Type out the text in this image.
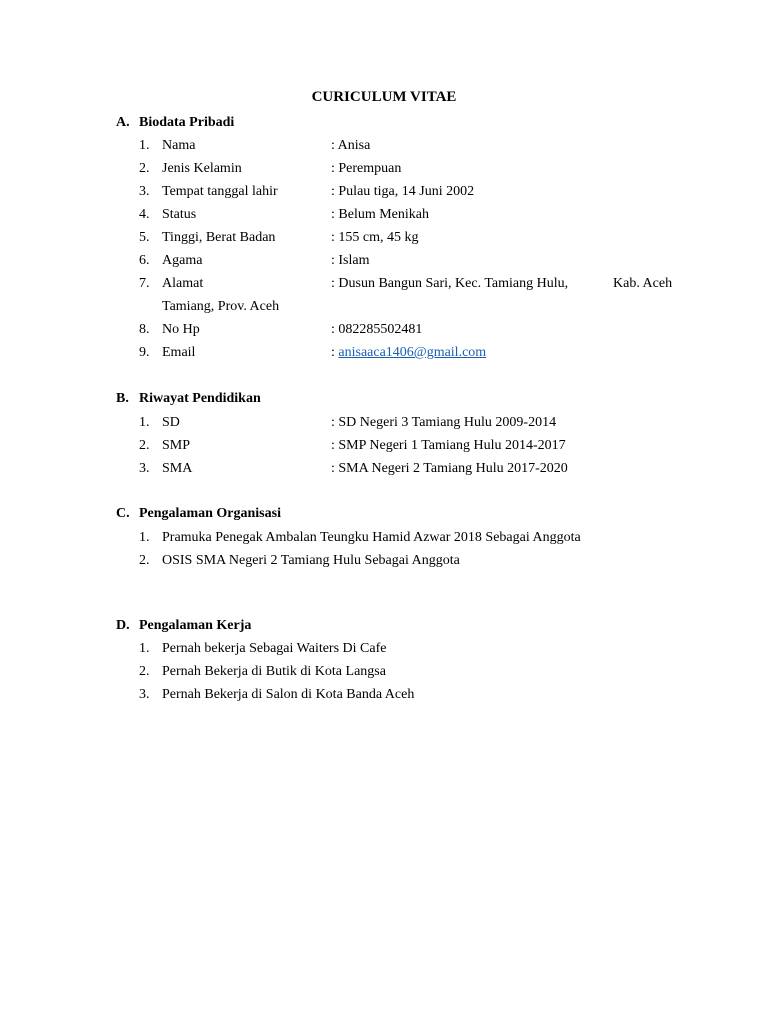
CURICULUM VITAE
A. Biodata Pribadi
1. Nama	: Anisa
2. Jenis Kelamin	: Perempuan
3. Tempat tanggal lahir	: Pulau tiga, 14 Juni 2002
4. Status	: Belum Menikah
5. Tinggi, Berat Badan	: 155 cm, 45 kg
6. Agama	: Islam
7. Alamat	: Dusun Bangun Sari, Kec. Tamiang Hulu,	Kab. Aceh
Tamiang, Prov. Aceh
8. No Hp	: 082285502481
9. Email	: anisaaca1406@gmail.com
B. Riwayat Pendidikan
1. SD	: SD Negeri 3 Tamiang Hulu 2009-2014
2. SMP	: SMP Negeri 1 Tamiang Hulu 2014-2017
3. SMA	: SMA Negeri 2 Tamiang Hulu 2017-2020
C. Pengalaman Organisasi
1. Pramuka Penegak Ambalan Teungku Hamid Azwar 2018 Sebagai Anggota
2. OSIS SMA Negeri 2 Tamiang Hulu Sebagai Anggota
D. Pengalaman Kerja
1. Pernah bekerja Sebagai Waiters Di Cafe
2. Pernah Bekerja di Butik di Kota Langsa
3. Pernah Bekerja di Salon di Kota Banda Aceh
